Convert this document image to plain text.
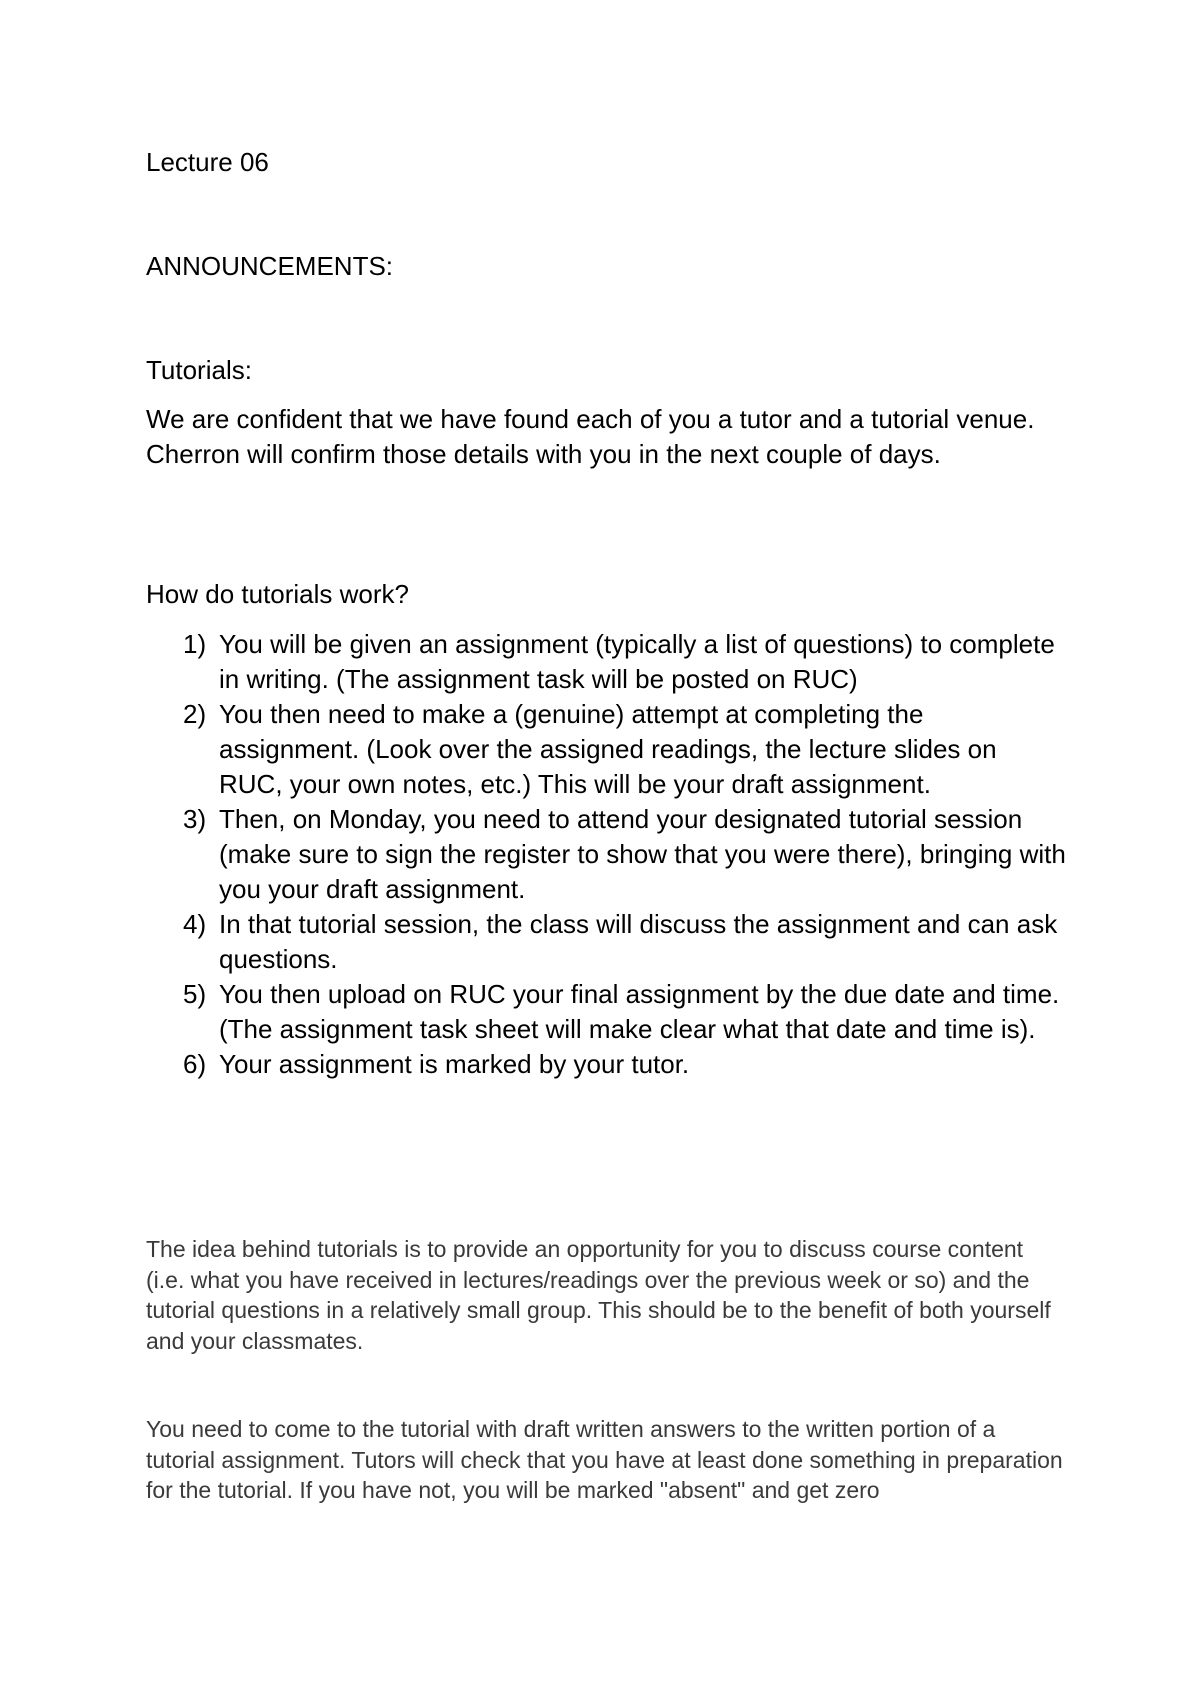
Lecture 06

ANNOUNCEMENTS:

Tutorials:

We are confident that we have found each of you a tutor and a tutorial venue. Cherron will confirm those details with you in the next couple of days.

How do tutorials work?

1) You will be given an assignment (typically a list of questions) to complete in writing. (The assignment task will be posted on RUC)
2) You then need to make a (genuine) attempt at completing the assignment. (Look over the assigned readings, the lecture slides on RUC, your own notes, etc.) This will be your draft assignment.
3) Then, on Monday, you need to attend your designated tutorial session (make sure to sign the register to show that you were there), bringing with you your draft assignment.
4) In that tutorial session, the class will discuss the assignment and can ask questions.
5) You then upload on RUC your final assignment by the due date and time. (The assignment task sheet will make clear what that date and time is).
6) Your assignment is marked by your tutor.

The idea behind tutorials is to provide an opportunity for you to discuss course content (i.e. what you have received in lectures/readings over the previous week or so) and the tutorial questions in a relatively small group. This should be to the benefit of both yourself and your classmates.

You need to come to the tutorial with draft written answers to the written portion of a tutorial assignment. Tutors will check that you have at least done something in preparation for the tutorial. If you have not, you will be marked "absent" and get zero
